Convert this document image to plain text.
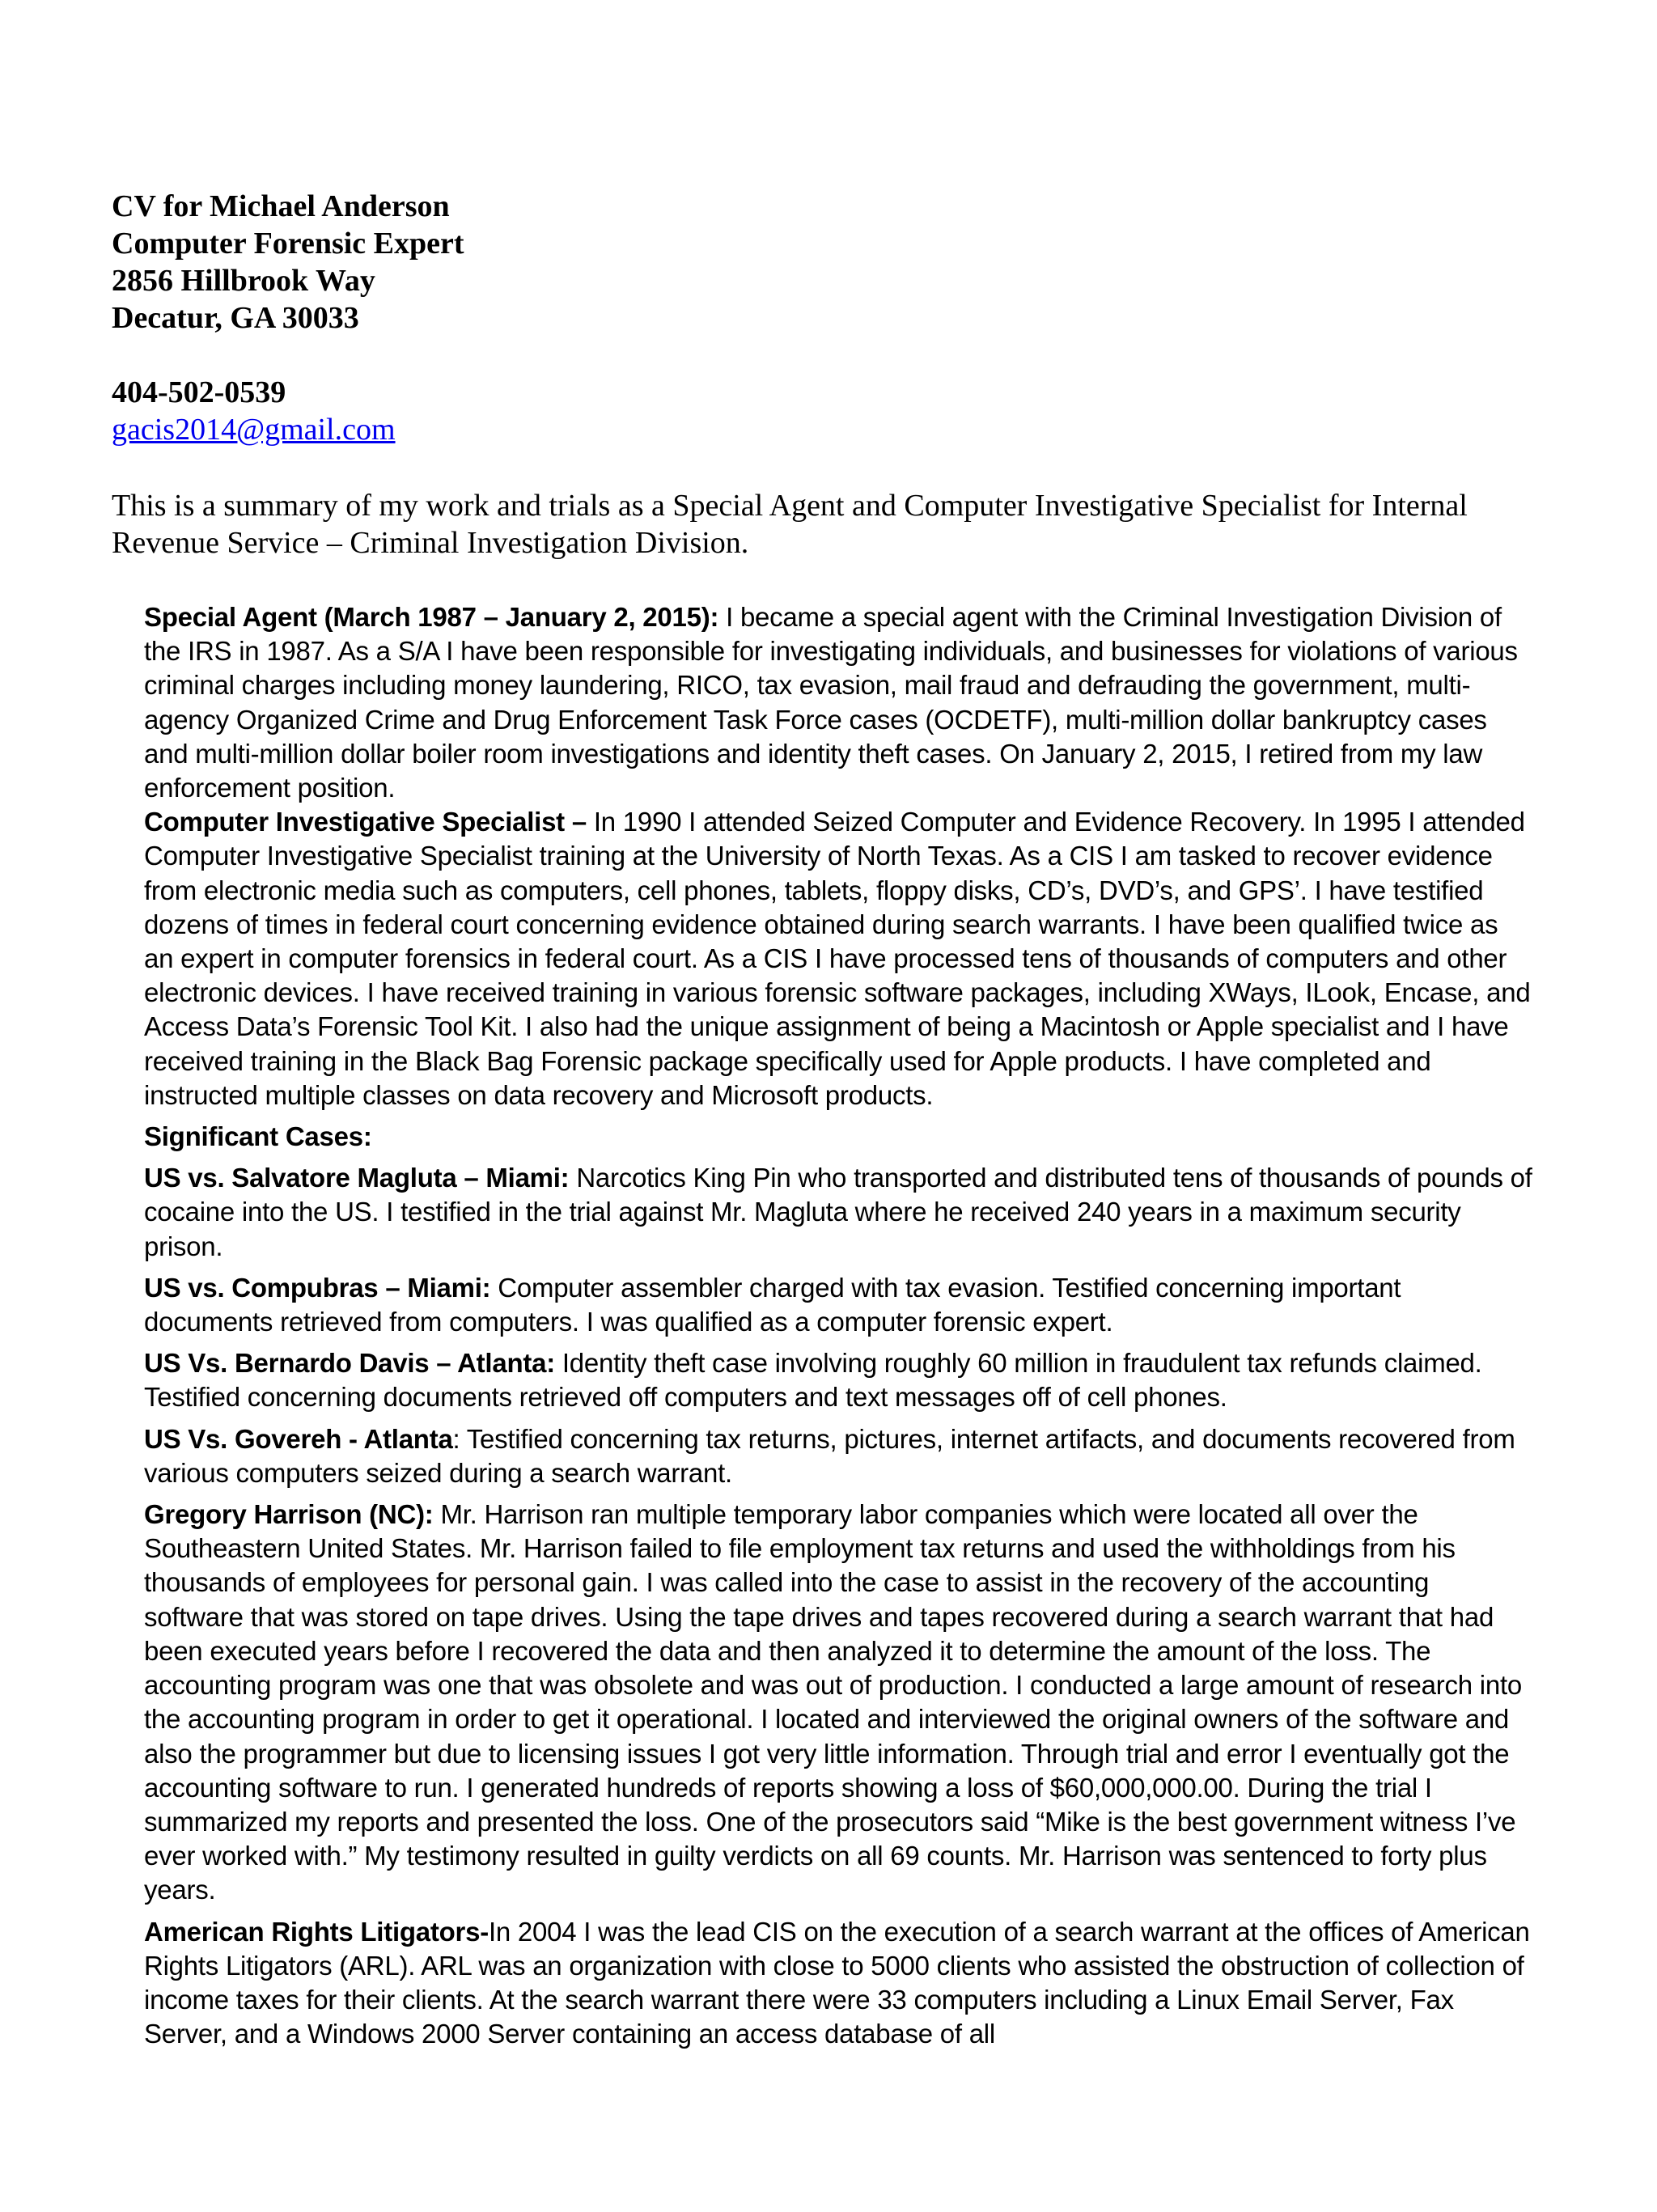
CV for Michael Anderson
Computer Forensic Expert
2856 Hillbrook Way
Decatur, GA 30033
404-502-0539
gacis2014@gmail.com
This is a summary of my work and trials as a Special Agent and Computer Investigative Specialist for Internal Revenue Service – Criminal Investigation Division.

Special Agent (March 1987 – January 2, 2015): I became a special agent with the Criminal Investigation Division of the IRS in 1987. As a S/A I have been responsible for investigating individuals, and businesses for violations of various criminal charges including money laundering, RICO, tax evasion, mail fraud and defrauding the government, multi-agency Organized Crime and Drug Enforcement Task Force cases (OCDETF), multi-million dollar bankruptcy cases and multi-million dollar boiler room investigations and identity theft cases. On January 2, 2015, I retired from my law enforcement position.

Computer Investigative Specialist – In 1990 I attended Seized Computer and Evidence Recovery. In 1995 I attended Computer Investigative Specialist training at the University of North Texas. As a CIS I am tasked to recover evidence from electronic media such as computers, cell phones, tablets, floppy disks, CD’s, DVD’s, and GPS’. I have testified dozens of times in federal court concerning evidence obtained during search warrants. I have been qualified twice as an expert in computer forensics in federal court. As a CIS I have processed tens of thousands of computers and other electronic devices. I have received training in various forensic software packages, including XWays, ILook, Encase, and Access Data’s Forensic Tool Kit. I also had the unique assignment of being a Macintosh or Apple specialist and I have received training in the Black Bag Forensic package specifically used for Apple products. I have completed and instructed multiple classes on data recovery and Microsoft products.

Significant Cases:

US vs. Salvatore Magluta – Miami: Narcotics King Pin who transported and distributed tens of thousands of pounds of cocaine into the US. I testified in the trial against Mr. Magluta where he received 240 years in a maximum security prison.

US vs. Compubras – Miami: Computer assembler charged with tax evasion. Testified concerning important documents retrieved from computers. I was qualified as a computer forensic expert.

US Vs. Bernardo Davis – Atlanta: Identity theft case involving roughly 60 million in fraudulent tax refunds claimed. Testified concerning documents retrieved off computers and text messages off of cell phones.

US Vs. Govereh - Atlanta: Testified concerning tax returns, pictures, internet artifacts, and documents recovered from various computers seized during a search warrant.

Gregory Harrison (NC): Mr. Harrison ran multiple temporary labor companies which were located all over the Southeastern United States. Mr. Harrison failed to file employment tax returns and used the withholdings from his thousands of employees for personal gain. I was called into the case to assist in the recovery of the accounting software that was stored on tape drives. Using the tape drives and tapes recovered during a search warrant that had been executed years before I recovered the data and then analyzed it to determine the amount of the loss. The accounting program was one that was obsolete and was out of production. I conducted a large amount of research into the accounting program in order to get it operational. I located and interviewed the original owners of the software and also the programmer but due to licensing issues I got very little information. Through trial and error I eventually got the accounting software to run. I generated hundreds of reports showing a loss of $60,000,000.00. During the trial I summarized my reports and presented the loss. One of the prosecutors said “Mike is the best government witness I’ve ever worked with.” My testimony resulted in guilty verdicts on all 69 counts. Mr. Harrison was sentenced to forty plus years.

American Rights Litigators-In 2004 I was the lead CIS on the execution of a search warrant at the offices of American Rights Litigators (ARL). ARL was an organization with close to 5000 clients who assisted the obstruction of collection of income taxes for their clients. At the search warrant there were 33 computers including a Linux Email Server, Fax Server, and a Windows 2000 Server containing an access database of all
